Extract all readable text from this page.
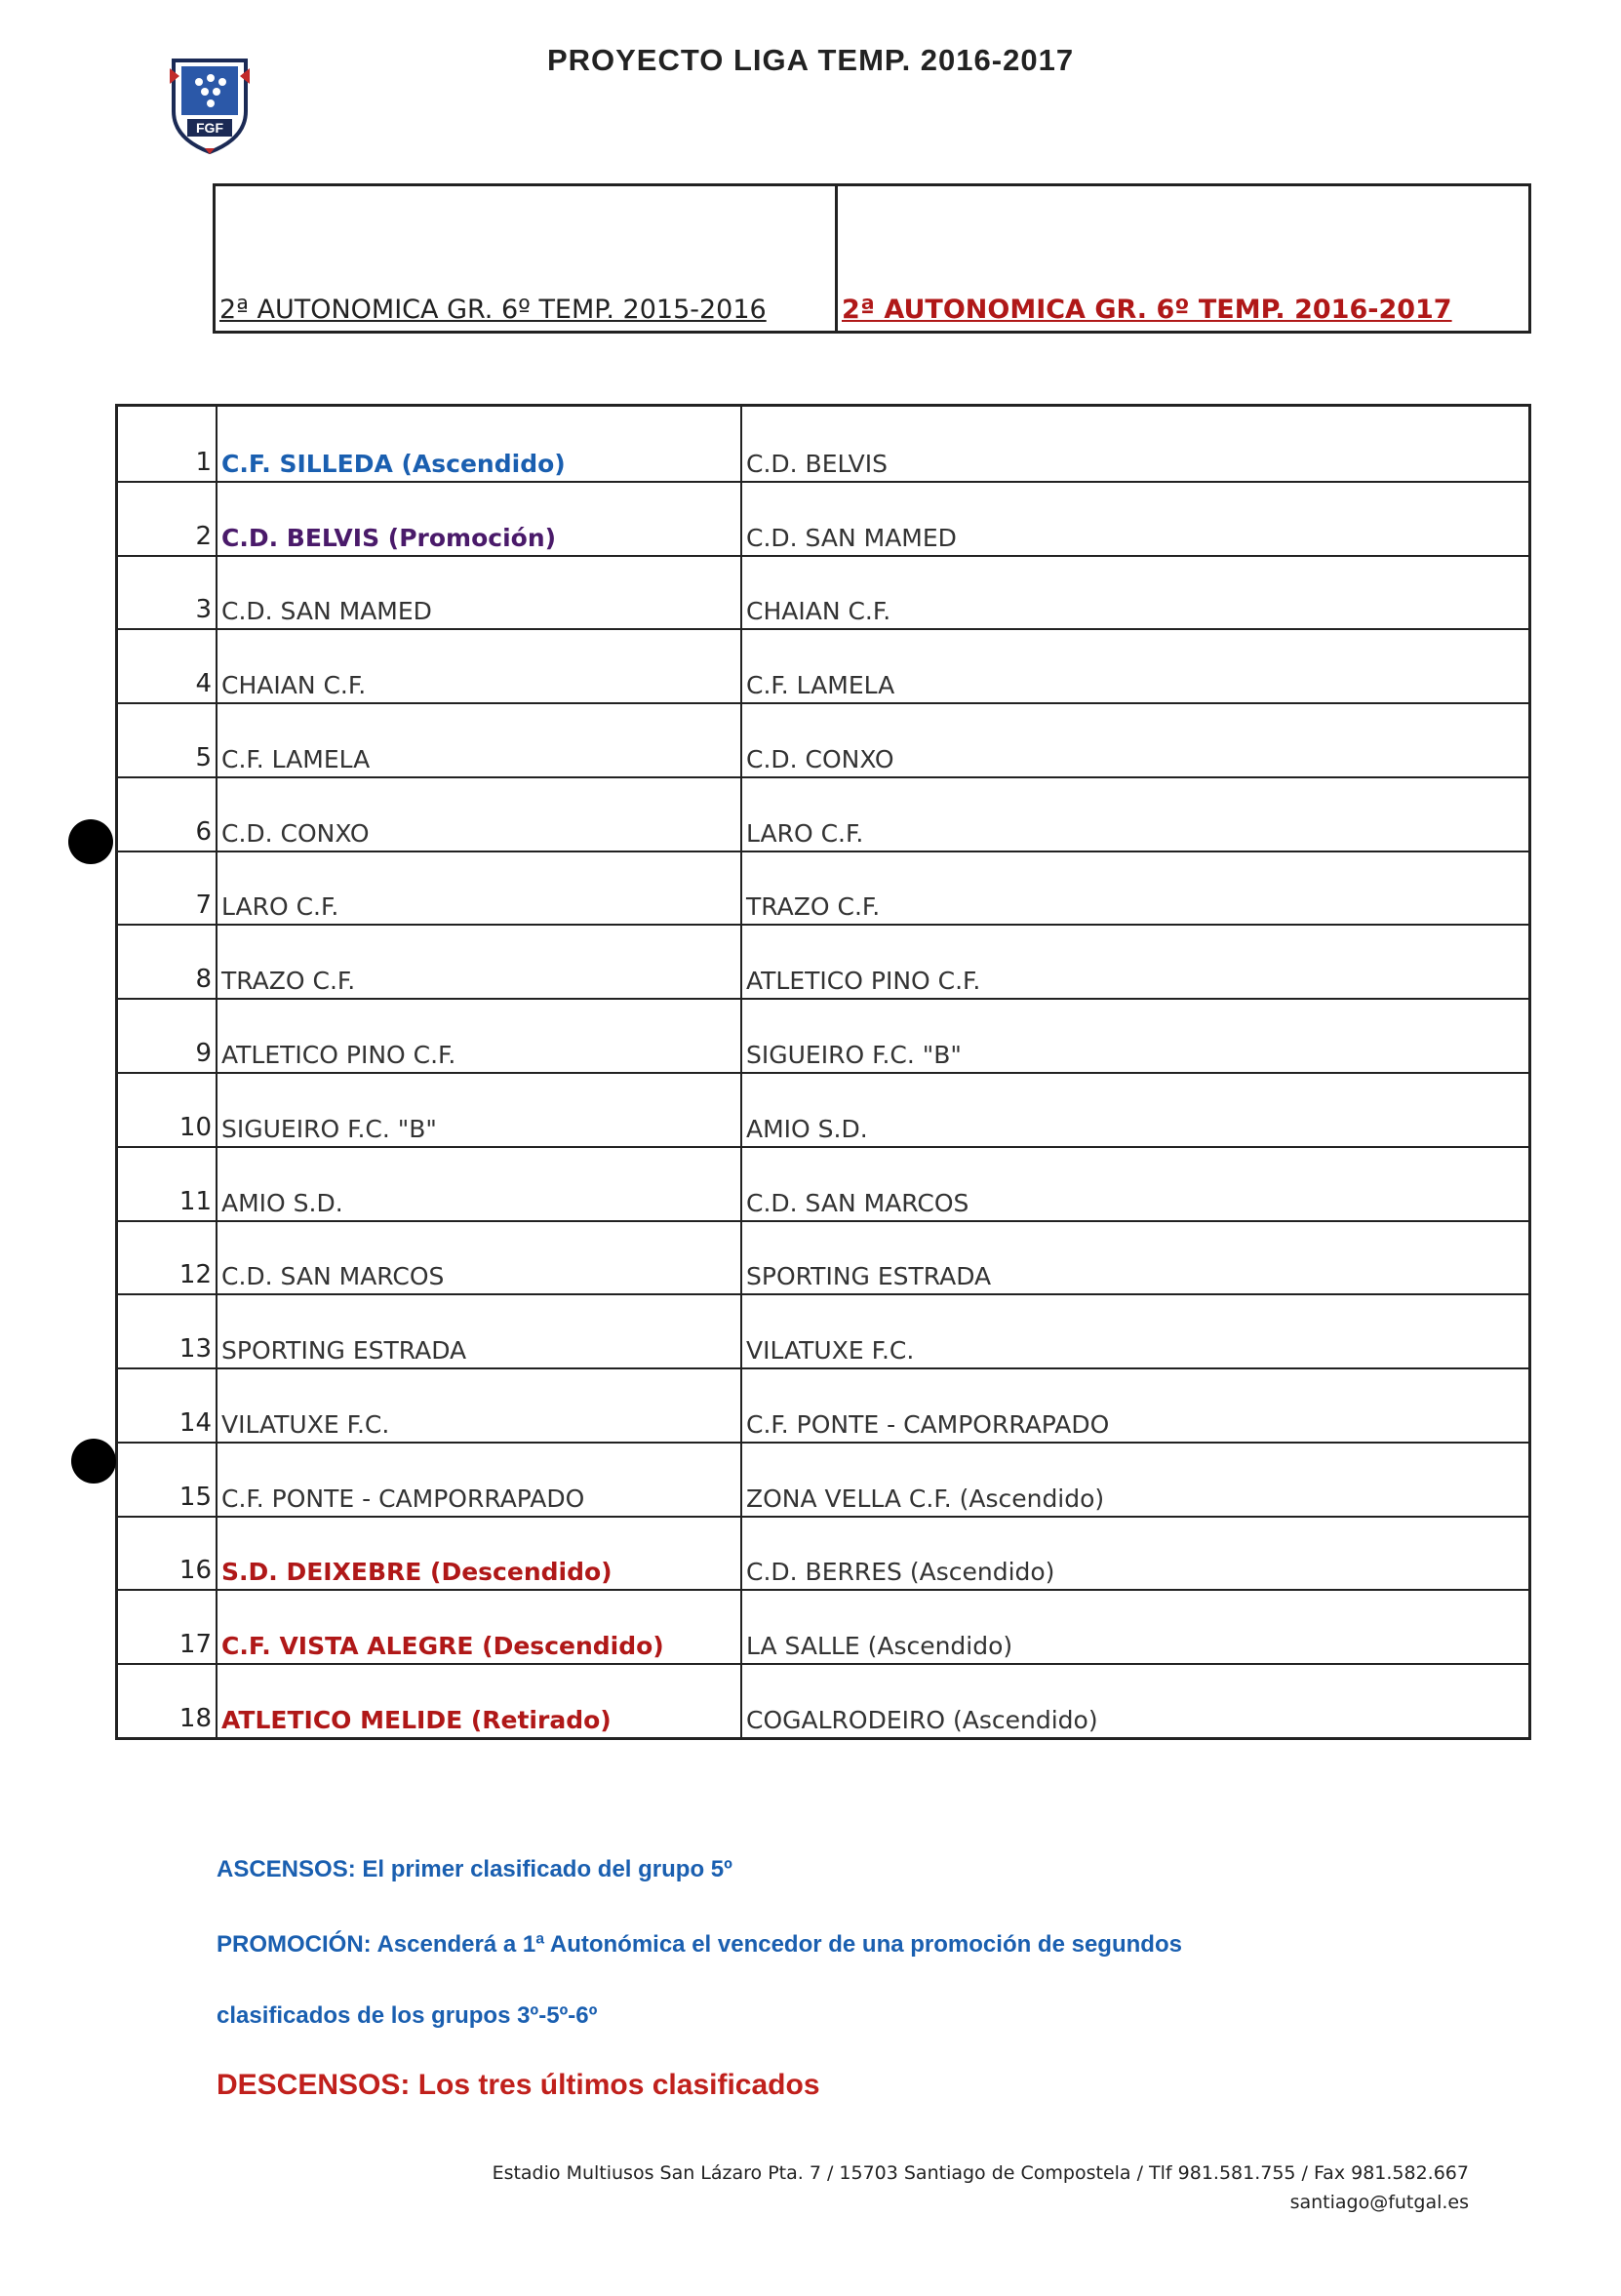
FGF
PROYECTO LIGA TEMP. 2016-2017
2ª AUTONOMICA GR. 6º TEMP. 2015-2016	2ª AUTONOMICA GR. 6º TEMP. 2016-2017
1 C.F. SILLEDA (Ascendido)	C.D. BELVIS
2 C.D. BELVIS (Promoción)	C.D. SAN MAMED
3 C.D. SAN MAMED	CHAIAN C.F.
4 CHAIAN C.F.	C.F. LAMELA
5 C.F. LAMELA	C.D. CONXO
6 C.D. CONXO	LARO C.F.
7 LARO C.F.	TRAZO C.F.
8 TRAZO C.F.	ATLETICO PINO C.F.
9 ATLETICO PINO C.F.	SIGUEIRO F.C. "B"
10 SIGUEIRO F.C. "B"	AMIO S.D.
11 AMIO S.D.	C.D. SAN MARCOS
12 C.D. SAN MARCOS	SPORTING ESTRADA
13 SPORTING ESTRADA	VILATUXE F.C.
14 VILATUXE F.C.	C.F. PONTE - CAMPORRAPADO
15 C.F. PONTE - CAMPORRAPADO	ZONA VELLA C.F. (Ascendido)
16 S.D. DEIXEBRE (Descendido)	C.D. BERRES (Ascendido)
17 C.F. VISTA ALEGRE (Descendido)	LA SALLE (Ascendido)
18 ATLETICO MELIDE (Retirado)	COGALRODEIRO (Ascendido)
ASCENSOS: El primer clasificado del grupo 5º
PROMOCIÓN: Ascenderá a 1ª Autonómica el vencedor de una promoción de segundos
clasificados de los grupos 3º-5º-6º
DESCENSOS: Los tres últimos clasificados
Estadio Multiusos San Lázaro Pta. 7 / 15703 Santiago de Compostela / Tlf 981.581.755 / Fax 981.582.667
santiago@futgal.es
